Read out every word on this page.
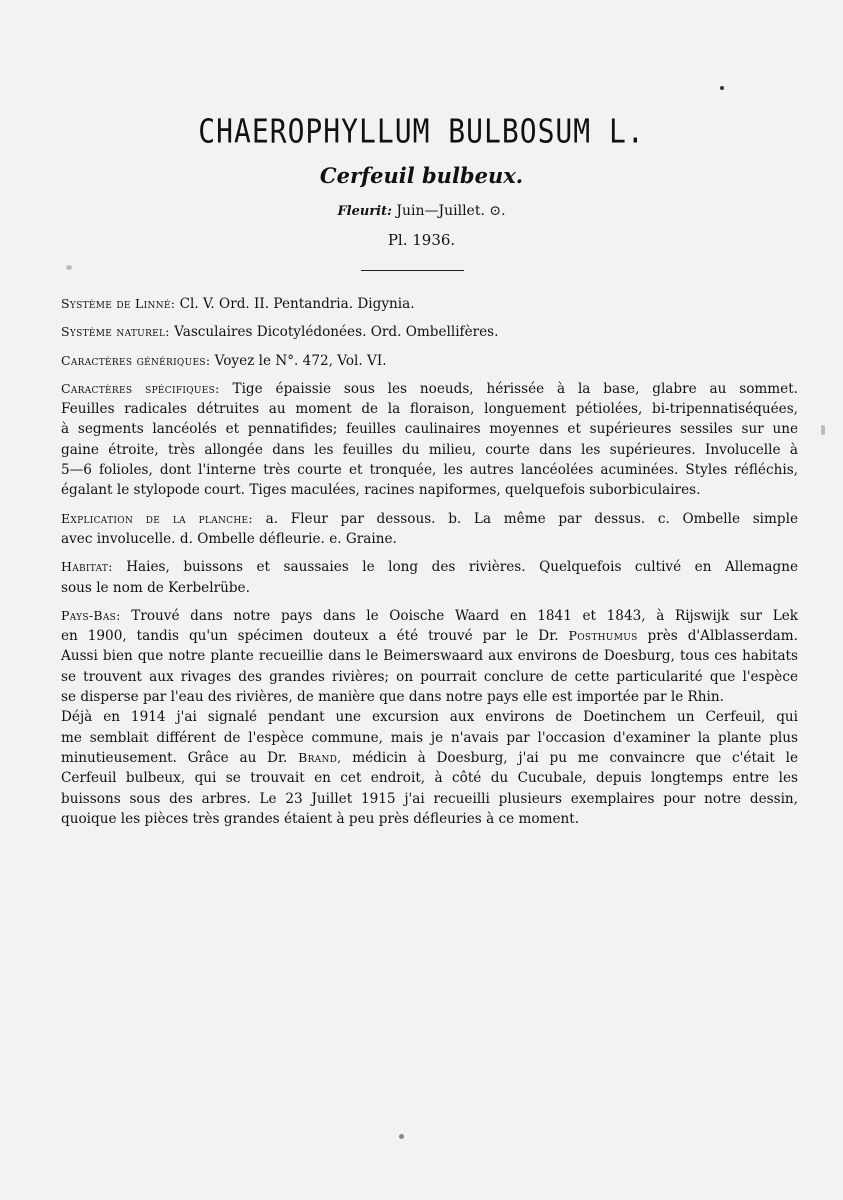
CHAERОPHYLLUM BULBOSUM L.
Cerfeuil bulbeux.
Fleurit: Juin—Juillet. ⊙.
Pl. 1936.

Système de Linné: Cl. V. Ord. II. Pentandria. Digynia.

Système naturel: Vasculaires Dicotylédonées. Ord. Ombellifères.

Caractères génériques: Voyez le N°. 472, Vol. VI.

Caractères spécifiques: Tige épaissie sous les noeuds, hérissée à la base, glabre au sommet.
Feuilles radicales détruites au moment de la floraison, longuement pétiolées, bi-tripennatiséquées,
à segments lancéolés et pennatifides; feuilles caulinaires moyennes et supérieures sessiles sur une
gaine étroite, très allongée dans les feuilles du milieu, courte dans les supérieures. Involucelle à
5—6 folioles, dont l'interne très courte et tronquée, les autres lancéolées acuminées. Styles réfléchis,
égalant le stylopode court. Tiges maculées, racines napiformes, quelquefois suborbiculaires.
Explication de la planche: a. Fleur par dessous. b. La même par dessus. c. Ombelle simple
avec involucelle. d. Ombelle défleurie. e. Graine.
Habitat: Haies, buissons et saussaies le long des rivières. Quelquefois cultivé en Allemagne
sous le nom de Kerbelrübe.
Pays-Bas: Trouvé dans notre pays dans le Ooische Waard en 1841 et 1843, à Rijswijk sur Lek
en 1900, tandis qu'un spécimen douteux a été trouvé par le Dr. Posthumus près d'Alblasserdam.
Aussi bien que notre plante recueillie dans le Beimerswaard aux environs de Doesburg, tous ces habitats
se trouvent aux rivages des grandes rivières; on pourrait conclure de cette particularité que l'espèce
se disperse par l'eau des rivières, de manière que dans notre pays elle est importée par le Rhin.
Déjà en 1914 j'ai signalé pendant une excursion aux environs de Doetinchem un Cerfeuil, qui
me semblait différent de l'espèce commune, mais je n'avais par l'occasion d'examiner la plante plus
minutieusement. Grâce au Dr. Brand, médicin à Doesburg, j'ai pu me convaincre que c'était le
Cerfeuil bulbeux, qui se trouvait en cet endroit, à côté du Cucubale, depuis longtemps entre les
buissons sous des arbres. Le 23 Juillet 1915 j'ai recueilli plusieurs exemplaires pour notre dessin,
quoique les pièces très grandes étaient à peu près défleuries à ce moment.
